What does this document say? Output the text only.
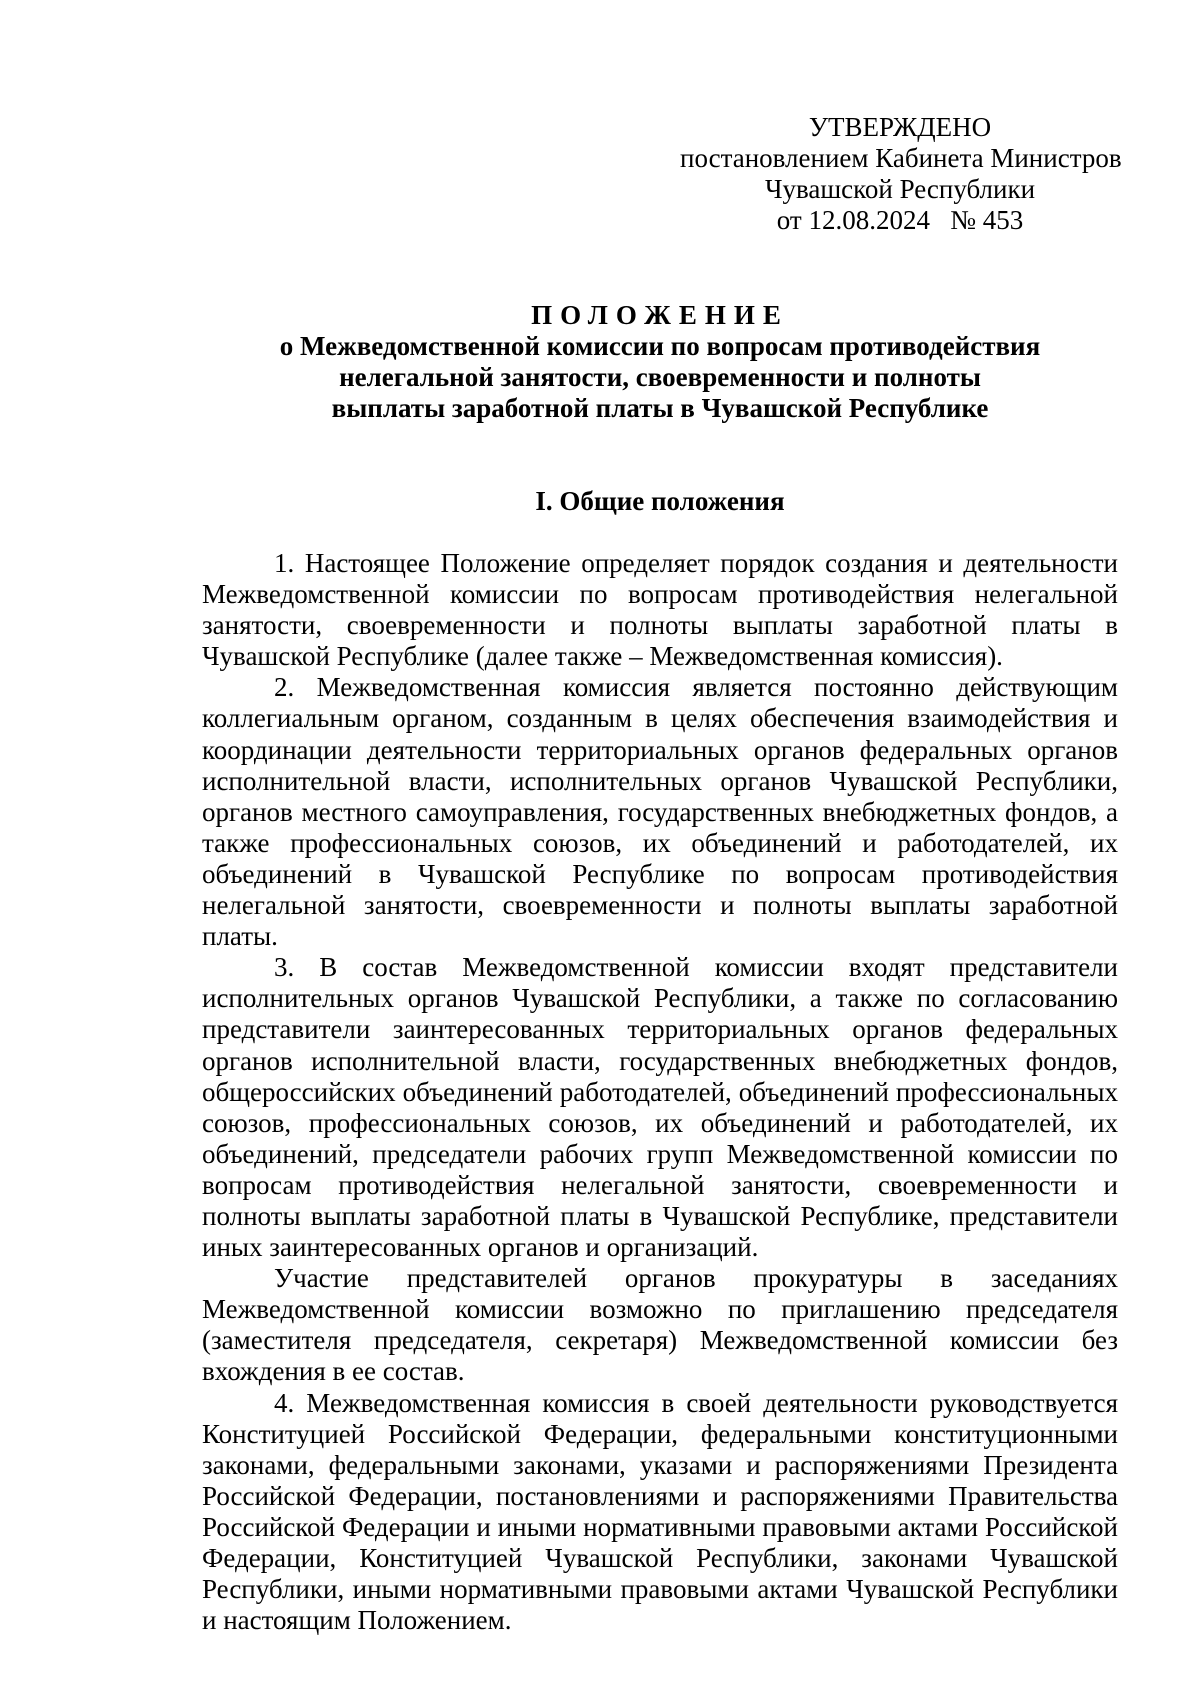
УТВЕРЖДЕНО
постановлением Кабинета Министров
Чувашской Республики
от 12.08.2024   № 453
ПОЛОЖЕНИЕ
о Межведомственной комиссии по вопросам противодействия
нелегальной занятости, своевременности и полноты
выплаты заработной платы в Чувашской Республике
I. Общие положения

1. Настоящее Положение определяет порядок создания и деятельности Межведомственной комиссии по вопросам противодействия нелегальной занятости, своевременности и полноты выплаты заработной платы в Чувашской Республике (далее также – Межведомственная комиссия).

2. Межведомственная комиссия является постоянно действующим коллегиальным органом, созданным в целях обеспечения взаимодействия и координации деятельности территориальных органов федеральных органов исполнительной власти, исполнительных органов Чувашской Республики, органов местного самоуправления, государственных внебюджетных фондов, а также профессиональных союзов, их объединений и работодателей, их объединений в Чувашской Республике по вопросам противодействия нелегальной занятости, своевременности и полноты выплаты заработной платы.

3. В состав Межведомственной комиссии входят представители исполнительных органов Чувашской Республики, а также по согласованию представители заинтересованных территориальных органов федеральных органов исполнительной власти, государственных внебюджетных фондов, общероссийских объединений работодателей, объединений профессиональных союзов, профессиональных союзов, их объединений и работодателей, их объединений, председатели рабочих групп Межведомственной комиссии по вопросам противодействия нелегальной занятости, своевременности и полноты выплаты заработной платы в Чувашской Республике, представители иных заинтересованных органов и организаций.

Участие представителей органов прокуратуры в заседаниях Межведомственной комиссии возможно по приглашению председателя (заместителя председателя, секретаря) Межведомственной комиссии без вхождения в ее состав.

4. Межведомственная комиссия в своей деятельности руководствуется Конституцией Российской Федерации, федеральными конституционными законами, федеральными законами, указами и распоряжениями Президента Российской Федерации, постановлениями и распоряжениями Правительства Российской Федерации и иными нормативными правовыми актами Российской Федерации, Конституцией Чувашской Республики, законами Чувашской Республики, иными нормативными правовыми актами Чувашской Республики и настоящим Положением.
